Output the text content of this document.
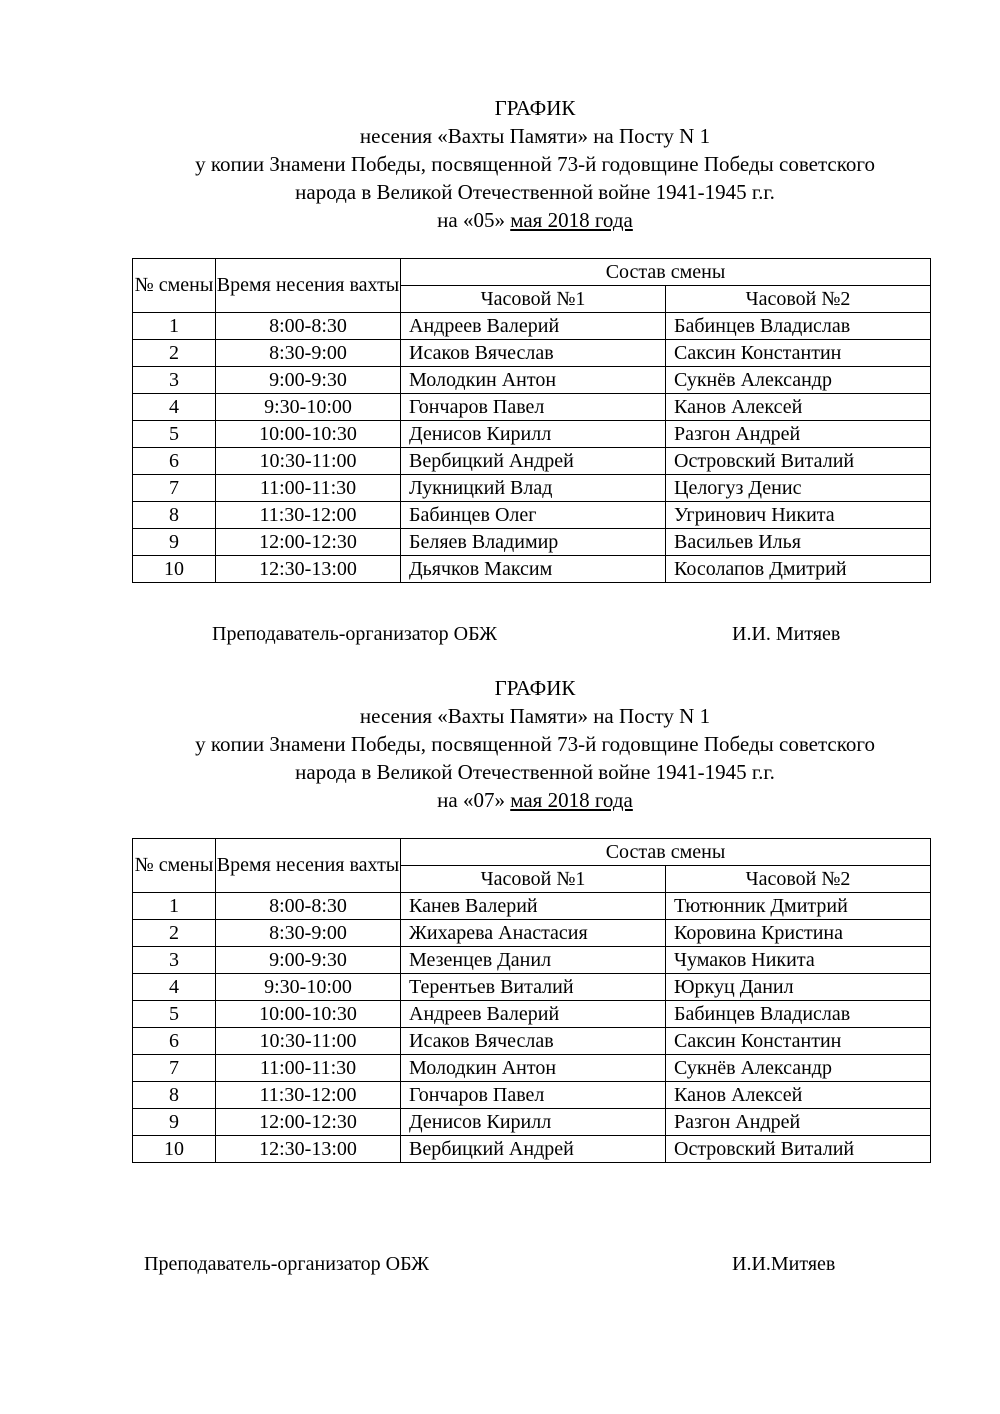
ГРАФИК
несения «Вахты Памяти» на Посту N 1
у копии Знамени Победы, посвященной 73-й годовщине Победы советского
народа в Великой Отечественной войне 1941-1945 г.г.
на «05» мая 2018 года
№ смены	Время несения вахты	Состав смены	
		Часовой №1	Часовой №2
1	8:00-8:30	Андреев Валерий	Бабинцев Владислав
2	8:30-9:00	Исаков Вячеслав	Саксин Константин
3	9:00-9:30	Молодкин Антон	Сукнёв Александр
4	9:30-10:00	Гончаров Павел	Канов Алексей
5	10:00-10:30	Денисов Кирилл	Разгон Андрей
6	10:30-11:00	Вербицкий Андрей	Островский Виталий
7	11:00-11:30	Лукницкий Влад	Целогуз Денис
8	11:30-12:00	Бабинцев Олег	Угринович Никита
9	12:00-12:30	Беляев Владимир	Васильев Илья
10	12:30-13:00	Дьячков Максим	Косолапов Дмитрий
Преподаватель-организатор ОБЖ	И.И. Митяев
ГРАФИК
несения «Вахты Памяти» на Посту N 1
у копии Знамени Победы, посвященной 73-й годовщине Победы советского
народа в Великой Отечественной войне 1941-1945 г.г.
на «07» мая 2018 года
№ смены	Время несения вахты	Состав смены	
		Часовой №1	Часовой №2
1	8:00-8:30	Канев Валерий	Тютюнник Дмитрий
2	8:30-9:00	Жихарева Анастасия	Коровина Кристина
3	9:00-9:30	Мезенцев Данил	Чумаков Никита
4	9:30-10:00	Терентьев Виталий	Юркуц Данил
5	10:00-10:30	Андреев Валерий	Бабинцев Владислав
6	10:30-11:00	Исаков Вячеслав	Саксин Константин
7	11:00-11:30	Молодкин Антон	Сукнёв Александр
8	11:30-12:00	Гончаров Павел	Канов Алексей
9	12:00-12:30	Денисов Кирилл	Разгон Андрей
10	12:30-13:00	Вербицкий Андрей	Островский Виталий
Преподаватель-организатор ОБЖ	И.И.Митяев
